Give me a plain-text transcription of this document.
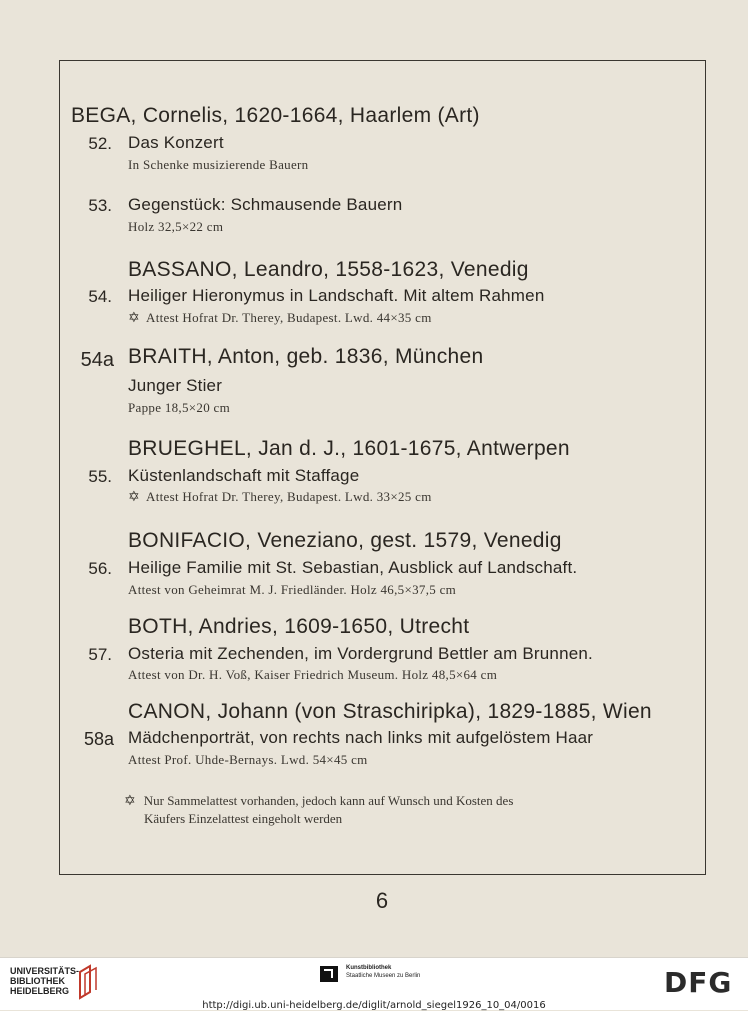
BEGA, Cornelis, 1620-1664, Haarlem (Art)
52. Das Konzert
In Schenke musizierende Bauern
53. Gegenstück: Schmausende Bauern
Holz 32,5×22 cm
BASSANO, Leandro, 1558-1623, Venedig
54. Heiliger Hieronymus in Landschaft. Mit altem Rahmen
✡ Attest Hofrat Dr. Therey, Budapest. Lwd. 44×35 cm
54a BRAITH, Anton, geb. 1836, München
Junger Stier
Pappe 18,5×20 cm
BRUEGHEL, Jan d. J., 1601-1675, Antwerpen
55. Küstenlandschaft mit Staffage
✡ Attest Hofrat Dr. Therey, Budapest. Lwd. 33×25 cm
BONIFACIO, Veneziano, gest. 1579, Venedig
56. Heilige Familie mit St. Sebastian, Ausblick auf Landschaft.
Attest von Geheimrat M. J. Friedländer. Holz 46,5×37,5 cm
BOTH, Andries, 1609-1650, Utrecht
57. Osteria mit Zechenden, im Vordergrund Bettler am Brunnen.
Attest von Dr. H. Voß, Kaiser Friedrich Museum. Holz 48,5×64 cm
CANON, Johann (von Straschiripka), 1829-1885, Wien
58a Mädchenporträt, von rechts nach links mit aufgelöstem Haar
Attest Prof. Uhde-Bernays. Lwd. 54×45 cm
✡ Nur Sammelattest vorhanden, jedoch kann auf Wunsch und Kosten des
Käufers Einzelattest eingeholt werden
6
UNIVERSITÄTS-
BIBLIOTHEK
HEIDELBERG
Kunstbibliothek
Staatliche Museen zu Berlin	DFG
http://digi.ub.uni-heidelberg.de/diglit/arnold_siegel1926_10_04/0016
